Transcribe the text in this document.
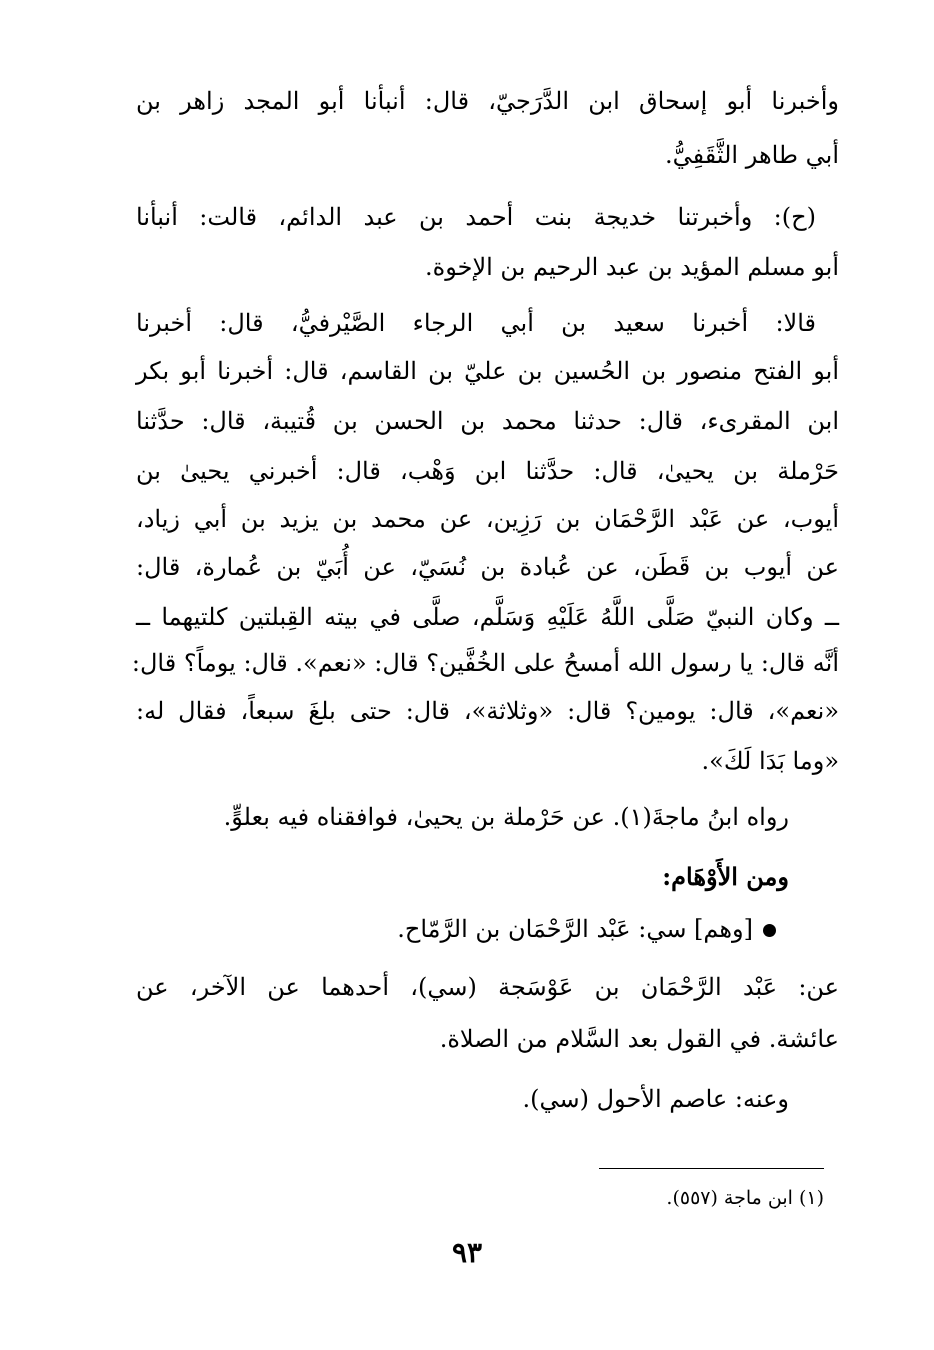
وأخبرنا أبو إسحاق ابن الدَّرَجيّ، قال: أنبأنا أبو المجد زاهر بن
أبي طاهر الثَّقَفِيُّ.
(ح): وأخبرتنا خديجة بنت أحمد بن عبد الدائم، قالت: أنبأنا
أبو مسلم المؤيد بن عبد الرحيم بن الإخوة.
قالا: أخبرنا سعيد بن أبي الرجاء الصَّيْرفيُّ، قال: أخبرنا
أبو الفتح منصور بن الحُسين بن عليّ بن القاسم، قال: أخبرنا أبو بكر
ابن المقرىء، قال: حدثنا محمد بن الحسن بن قُتيبة، قال: حدَّثنا
حَرْملة بن يحيىٰ، قال: حدَّثنا ابن وَهْب، قال: أخبرني يحيىٰ بن
أيوب، عن عَبْد الرَّحْمَان بن رَزِين، عن محمد بن يزيد بن أبي زياد،
عن أيوب بن قَطَن، عن عُبادة بن نُسَيّ، عن أُبَيّ بن عُمارة، قال:
ــ وكان النبيّ صَلَّى اللَّهُ عَلَيْهِ وَسَلَّم، صلَّى في بيته القِبلتين كلتيهما ــ
أنَّه قال: يا رسول الله أمسحُ على الخُفَّين؟ قال: «نعم». قال: يوماً؟ قال:
«نعم»، قال: يومين؟ قال: «وثلاثة»، قال: حتى بلغَ سبعاً، فقال له:
«وما بَدَا لَكَ».
رواه ابنُ ماجةَ(١). عن حَرْملة بن يحيىٰ، فوافقناه فيه بعلوٍّ.
ومن الأَوْهَام:
[وهم] سي: عَبْد الرَّحْمَان بن الرَّمّاح.
عن: عَبْد الرَّحْمَان بن عَوْسَجة (سي)، أحدهما عن الآخر، عن
عائشة. في القول بعد السَّلام من الصلاة.
وعنه: عاصم الأحول (سي).
(١) ابن ماجة (٥٥٧).
٩٣
